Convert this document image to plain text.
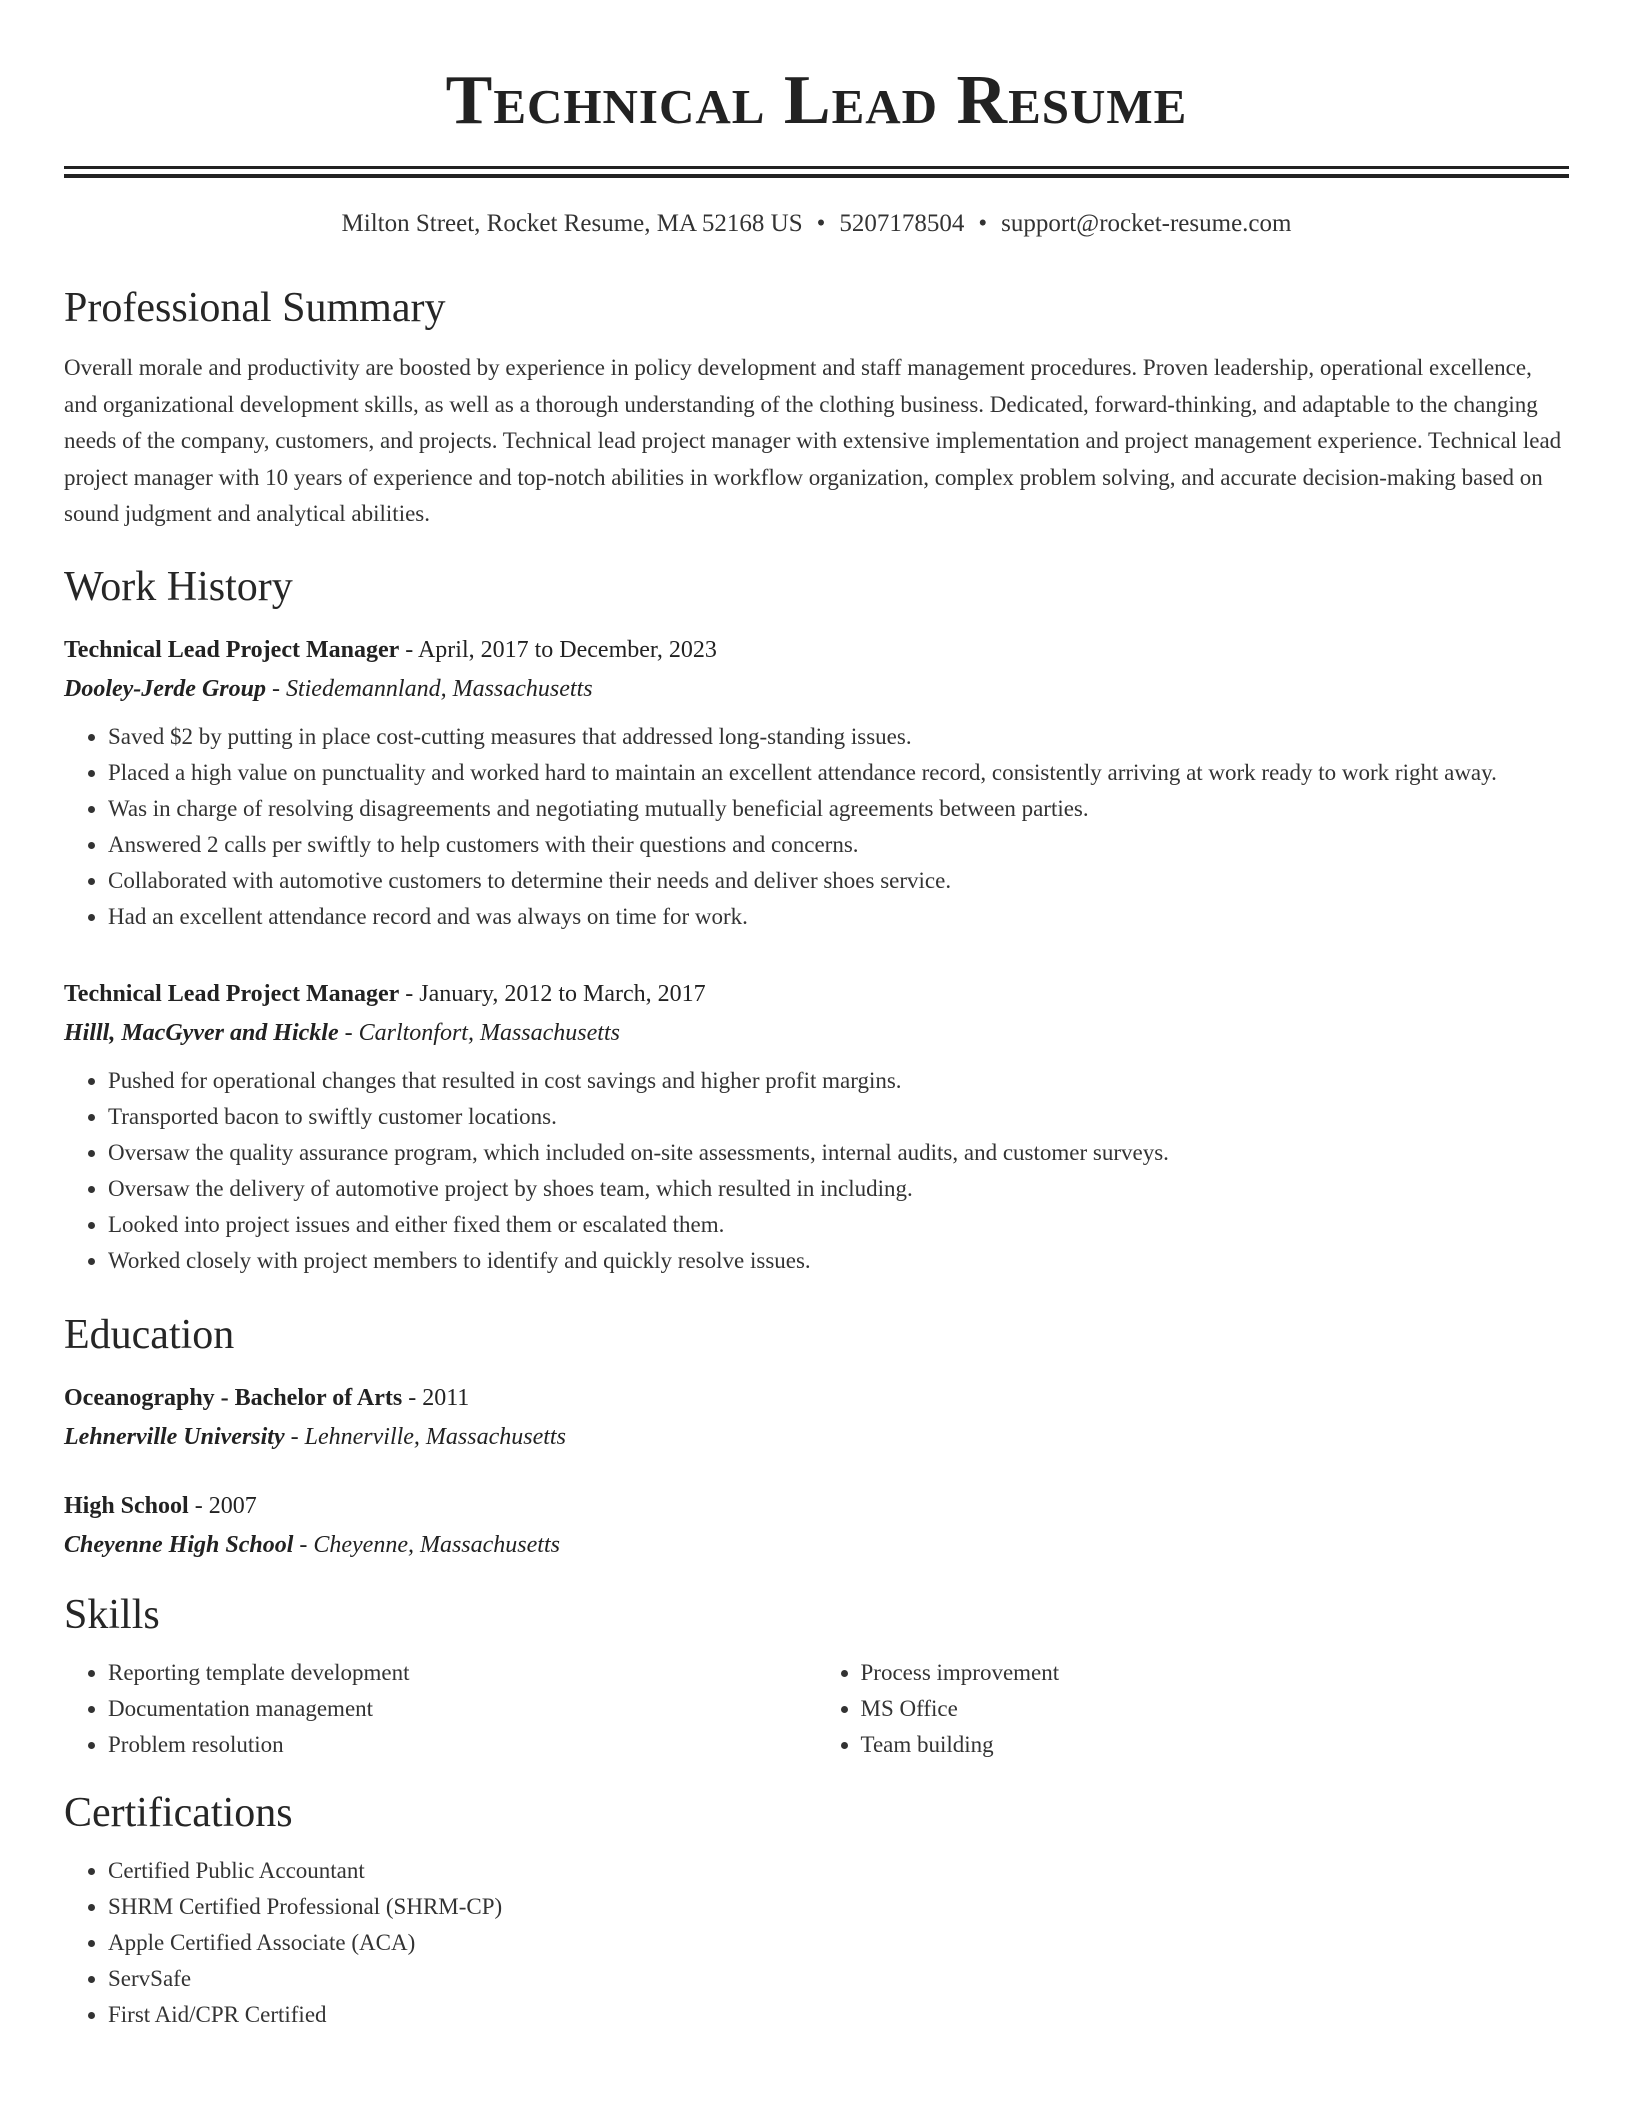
Technical Lead Resume
Milton Street, Rocket Resume, MA 52168 US • 5207178504 • support@rocket-resume.com
Professional Summary
Overall morale and productivity are boosted by experience in policy development and staff management procedures. Proven leadership, operational excellence, and organizational development skills, as well as a thorough understanding of the clothing business. Dedicated, forward-thinking, and adaptable to the changing needs of the company, customers, and projects. Technical lead project manager with extensive implementation and project management experience. Technical lead project manager with 10 years of experience and top-notch abilities in workflow organization, complex problem solving, and accurate decision-making based on sound judgment and analytical abilities.
Work History
Technical Lead Project Manager - April, 2017 to December, 2023
Dooley-Jerde Group - Stiedemannland, Massachusetts
• Saved $2 by putting in place cost-cutting measures that addressed long-standing issues.
• Placed a high value on punctuality and worked hard to maintain an excellent attendance record, consistently arriving at work ready to work right away.
• Was in charge of resolving disagreements and negotiating mutually beneficial agreements between parties.
• Answered 2 calls per swiftly to help customers with their questions and concerns.
• Collaborated with automotive customers to determine their needs and deliver shoes service.
• Had an excellent attendance record and was always on time for work.
Technical Lead Project Manager - January, 2012 to March, 2017
Hilll, MacGyver and Hickle - Carltonfort, Massachusetts
• Pushed for operational changes that resulted in cost savings and higher profit margins.
• Transported bacon to swiftly customer locations.
• Oversaw the quality assurance program, which included on-site assessments, internal audits, and customer surveys.
• Oversaw the delivery of automotive project by shoes team, which resulted in including.
• Looked into project issues and either fixed them or escalated them.
• Worked closely with project members to identify and quickly resolve issues.
Education
Oceanography - Bachelor of Arts - 2011
Lehnerville University - Lehnerville, Massachusetts
High School - 2007
Cheyenne High School - Cheyenne, Massachusetts
Skills
• Reporting template development
• Documentation management
• Problem resolution
• Process improvement
• MS Office
• Team building
Certifications
• Certified Public Accountant
• SHRM Certified Professional (SHRM-CP)
• Apple Certified Associate (ACA)
• ServSafe
• First Aid/CPR Certified
